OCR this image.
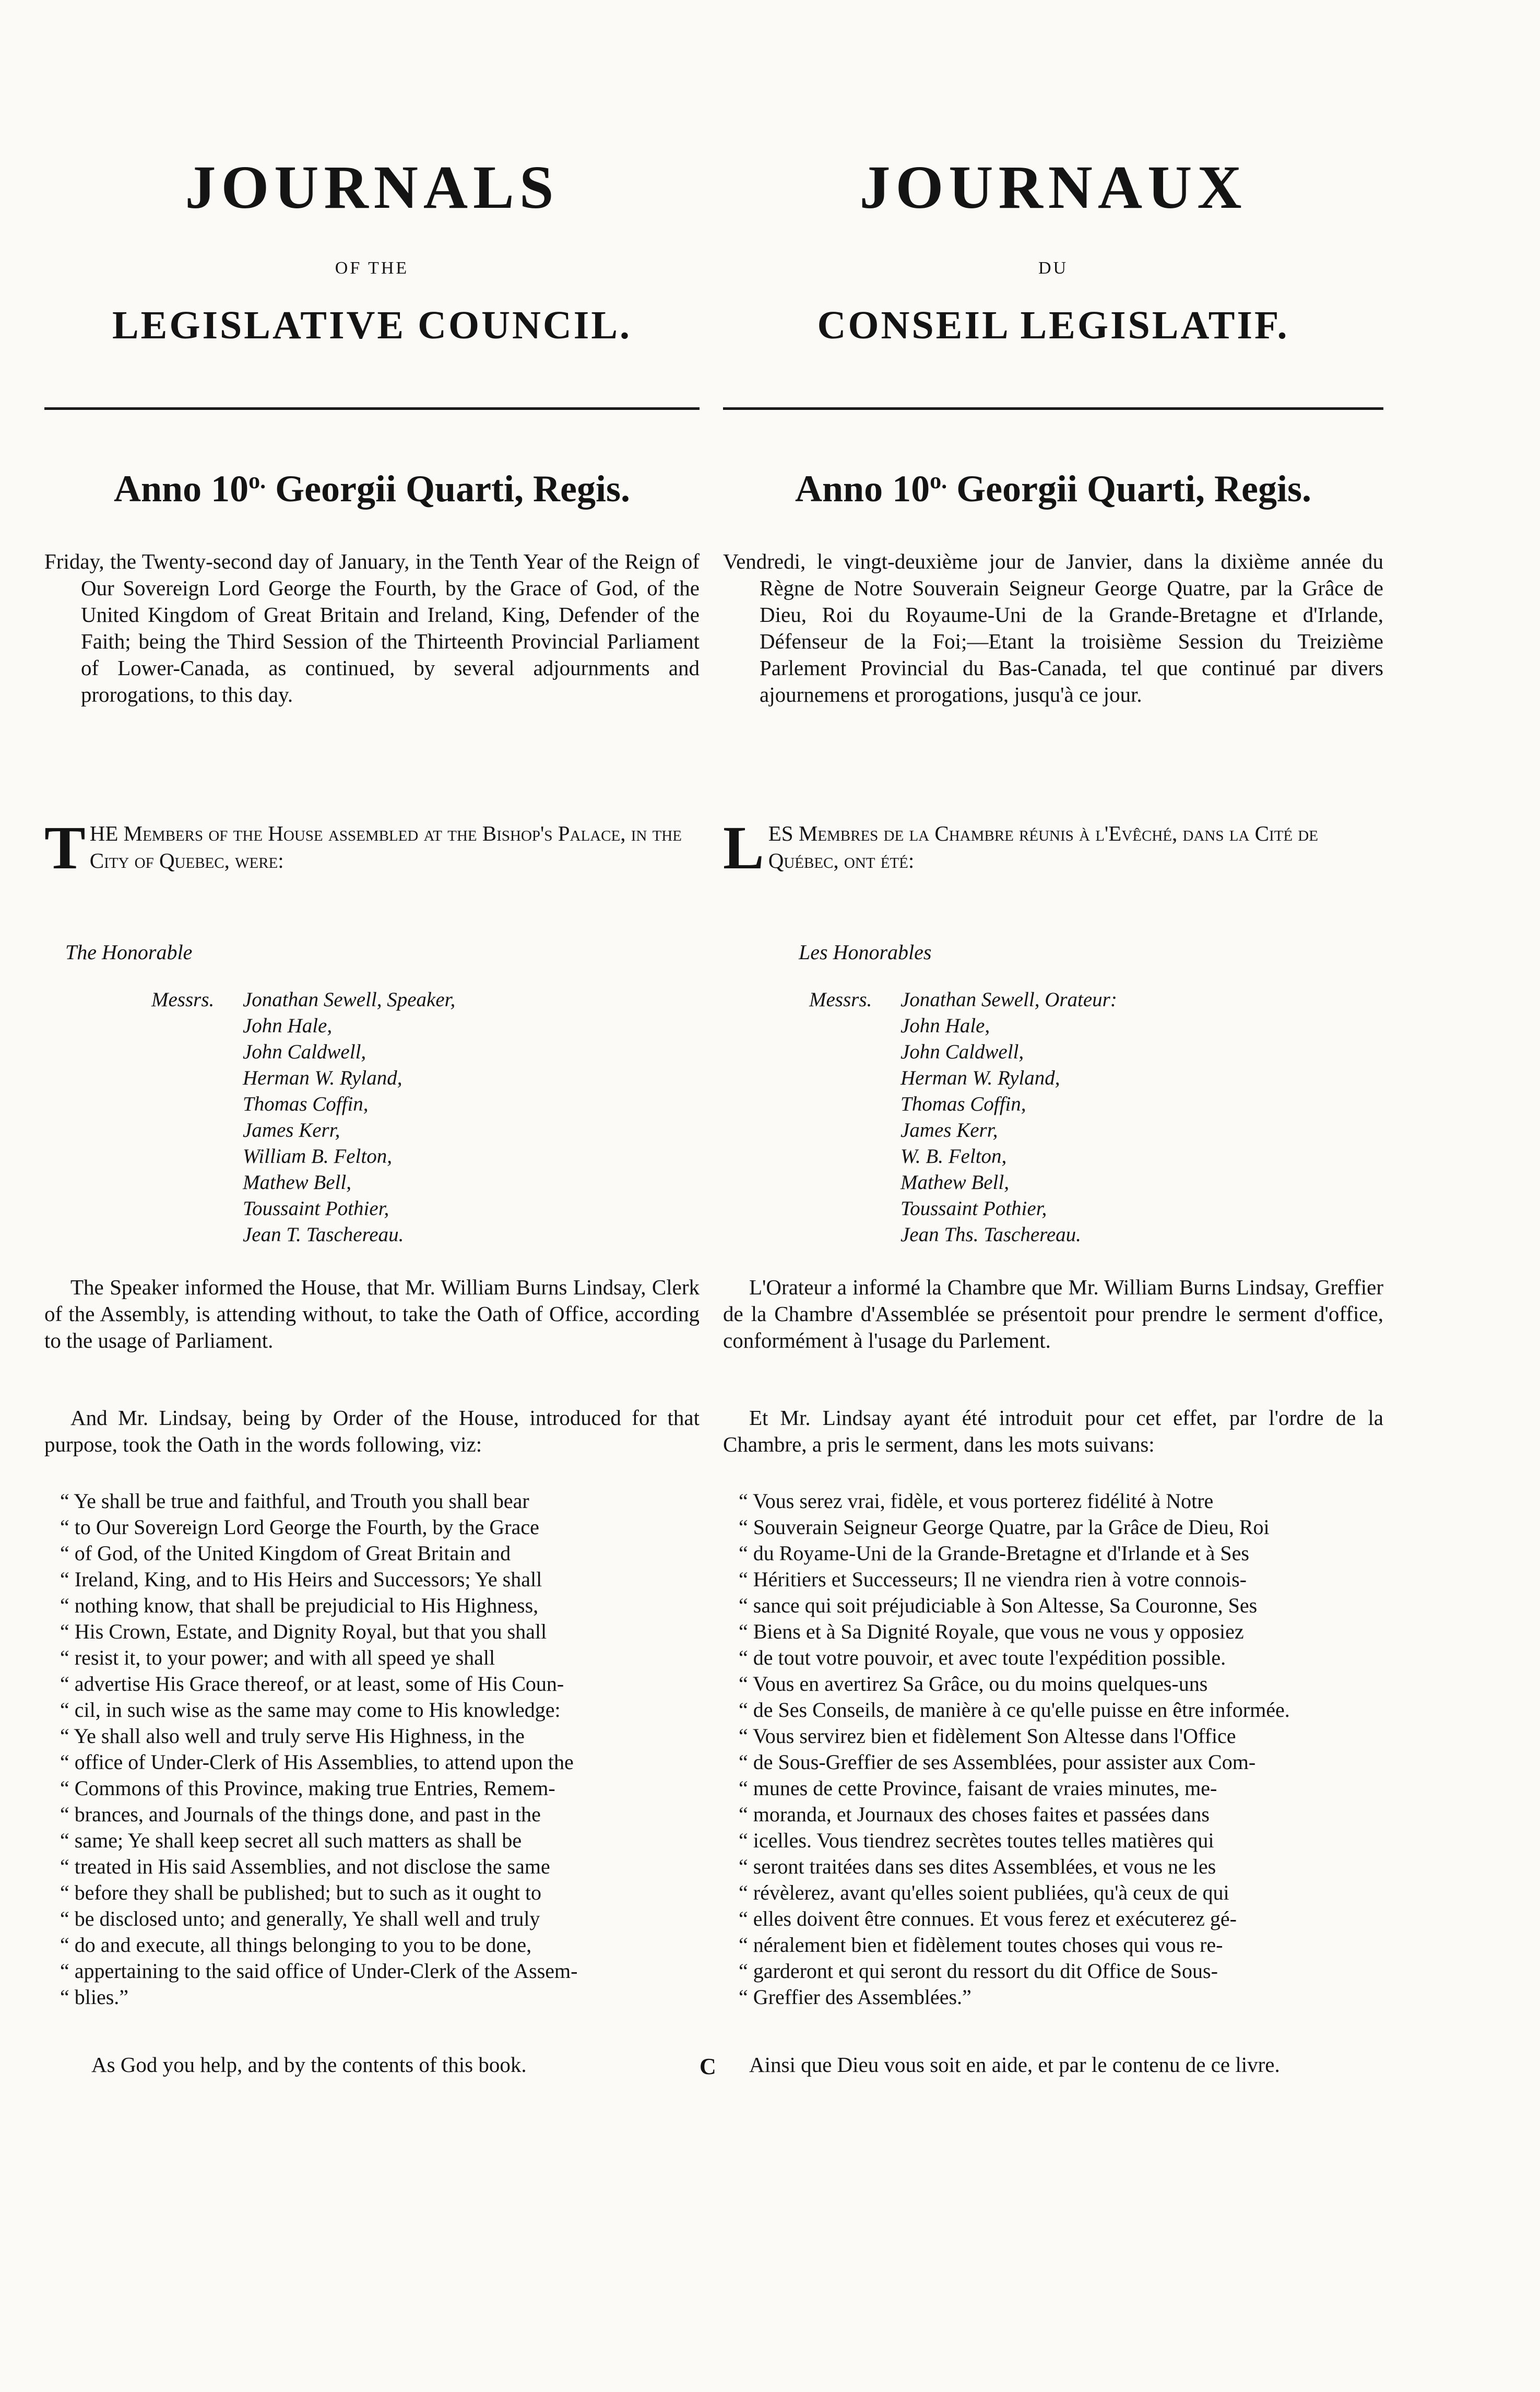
JOURNALS
OF THE
LEGISLATIVE COUNCIL.
Anno $10^{o.}$ Georgii Quarti, Regis.
Friday, the Twenty-second day of January, in the Tenth Year of the Reign of Our Sovereign Lord George the Fourth, by the Grace of God, of the United Kingdom of Great Britain and Ireland, King, Defender of the Faith; being the Third Session of the Thirteenth Provincial Parliament of Lower-Canada, as continued, by several adjournments and prorogations, to this day.
THE Members of the House assembled at the Bishop's Palace, in the City of Quebec, were:
The Honorable
Messrs. Jonathan Sewell, Speaker,
John Hale,
John Caldwell,
Herman W. Ryland,
Thomas Coffin,
James Kerr,
William B. Felton,
Mathew Bell,
Toussaint Pothier,
Jean T. Taschereau.
The Speaker informed the House, that Mr. William Burns Lindsay, Clerk of the Assembly, is attending without, to take the Oath of Office, according to the usage of Parliament.
And Mr. Lindsay, being by Order of the House, introduced for that purpose, took the Oath in the words following, viz:

“ Ye shall be true and faithful, and Trouth you shall bear

“ to Our Sovereign Lord George the Fourth, by the Grace

“ of God, of the United Kingdom of Great Britain and

“ Ireland, King, and to His Heirs and Successors; Ye shall

“ nothing know, that shall be prejudicial to His Highness,

“ His Crown, Estate, and Dignity Royal, but that you shall

“ resist it, to your power; and with all speed ye shall

“ advertise His Grace thereof, or at least, some of His Coun-

“ cil, in such wise as the same may come to His knowledge:

“ Ye shall also well and truly serve His Highness, in the

“ office of Under-Clerk of His Assemblies, to attend upon the

“ Commons of this Province, making true Entries, Remem-

“ brances, and Journals of the things done, and past in the

“ same; Ye shall keep secret all such matters as shall be

“ treated in His said Assemblies, and not disclose the same

“ before they shall be published; but to such as it ought to

“ be disclosed unto; and generally, Ye shall well and truly

“ do and execute, all things belonging to you to be done,

“ appertaining to the said office of Under-Clerk of the Assem-

“ blies.”

As God you help, and by the contents of this book.	C
JOURNAUX
DU
CONSEIL LEGISLATIF.
Anno $10^{o.}$ Georgii Quarti, Regis.
Vendredi, le vingt-deuxième jour de Janvier, dans la dixième année du Règne de Notre Souverain Seigneur George Quatre, par la Grâce de Dieu, Roi du Royaume-Uni de la Grande-Bretagne et d'Irlande, Défenseur de la Foi;—Etant la troisième Session du Treizième Parlement Provincial du Bas-Canada, tel que continué par divers ajournemens et prorogations, jusqu'à ce jour.
LES Membres de la Chambre réunis à l'Evêché, dans la Cité de Québec, ont été:
Les Honorables
Messrs. Jonathan Sewell, Orateur:
John Hale,
John Caldwell,
Herman W. Ryland,
Thomas Coffin,
James Kerr,
W. B. Felton,
Mathew Bell,
Toussaint Pothier,
Jean Ths. Taschereau.
L'Orateur a informé la Chambre que Mr. William Burns Lindsay, Greffier de la Chambre d'Assemblée se présentoit pour prendre le serment d'office, conformément à l'usage du Parlement.
Et Mr. Lindsay ayant été introduit pour cet effet, par l'ordre de la Chambre, a pris le serment, dans les mots suivans:

“ Vous serez vrai, fidèle, et vous porterez fidélité à Notre

“ Souverain Seigneur George Quatre, par la Grâce de Dieu, Roi

“ du Royame-Uni de la Grande-Bretagne et d'Irlande et à Ses

“ Héritiers et Successeurs; Il ne viendra rien à votre connois-

“ sance qui soit préjudiciable à Son Altesse, Sa Couronne, Ses

“ Biens et à Sa Dignité Royale, que vous ne vous y opposiez

“ de tout votre pouvoir, et avec toute l'expédition possible.

“ Vous en avertirez Sa Grâce, ou du moins quelques-uns

“ de Ses Conseils, de manière à ce qu'elle puisse en être informée.

“ Vous servirez bien et fidèlement Son Altesse dans l'Office

“ de Sous-Greffier de ses Assemblées, pour assister aux Com-

“ munes de cette Province, faisant de vraies minutes, me-

“ moranda, et Journaux des choses faites et passées dans

“ icelles. Vous tiendrez secrètes toutes telles matières qui

“ seront traitées dans ses dites Assemblées, et vous ne les

“ révèlerez, avant qu'elles soient publiées, qu'à ceux de qui

“ elles doivent être connues. Et vous ferez et exécuterez gé-

“ néralement bien et fidèlement toutes choses qui vous re-

“ garderont et qui seront du ressort du dit Office de Sous-

“ Greffier des Assemblées.”

Ainsi que Dieu vous soit en aide, et par le contenu de ce livre.
